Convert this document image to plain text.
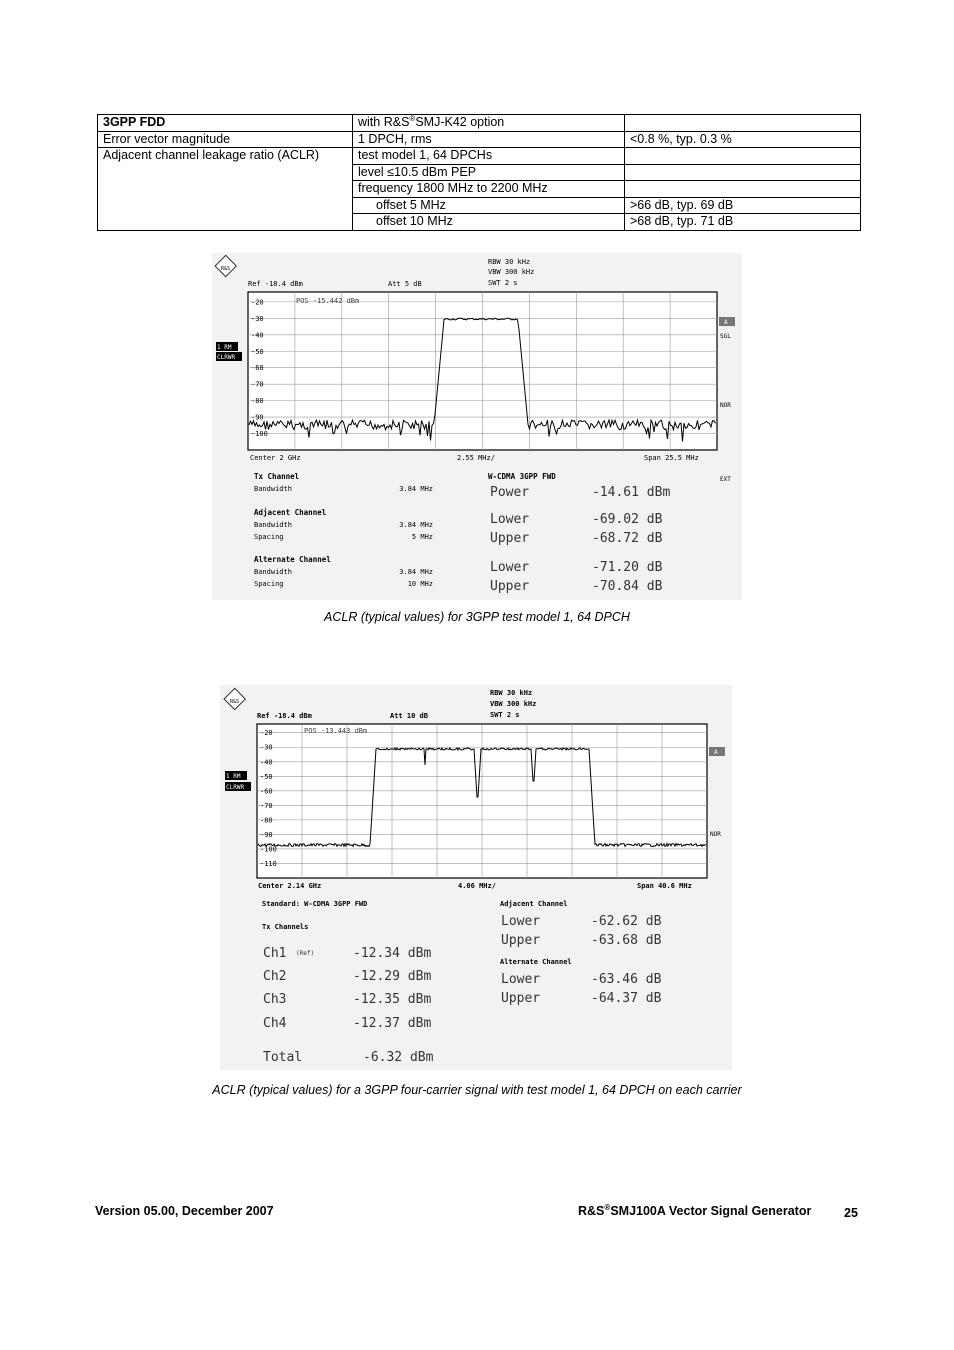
3GPP FDD	with R&S®SMJ-K42 option	
Error vector magnitude	1 DPCH, rms	<0.8 %, typ. 0.3 %
Adjacent channel leakage ratio (ACLR)	test model 1, 64 DPCHs	
	level ≤10.5 dBm PEP	
	frequency 1800 MHz to 2200 MHz	
	offset 5 MHz	>66 dB, typ. 69 dB
	offset 10 MHz	>68 dB, typ. 71 dB
R&S
RBW 30 kHz
VBW 300 kHz
SWT 2 s
Ref -18.4 dBm	Att 5 dB
POS -15.442 dBm
-20
-30
-40
-50
-60
-70
-80
-90
-100
1 RM
CLRWR
A
SGL
NOR
EXT
Center 2 GHz	2.55 MHz/	Span 25.5 MHz
Tx Channel
Bandwidth	3.84 MHz
W-CDMA 3GPP FWD
Power	-14.61 dBm
Adjacent Channel
Bandwidth	3.84 MHz
Spacing	5 MHz
Lower	-69.02 dB
Upper	-68.72 dB
Alternate Channel
Bandwidth	3.84 MHz
Spacing	10 MHz
Lower	-71.20 dB
Upper	-70.84 dB
ACLR (typical values) for 3GPP test model 1, 64 DPCH
R&S
RBW 30 kHz
VBW 300 kHz
SWT 2 s
Ref -18.4 dBm	Att 10 dB
POS -13.443 dBm
-20
-30
-40
-50
-60
-70
-80
-90
-100
-110
1 RM
CLRWR
A
NOR
Center 2.14 GHz	4.06 MHz/	Span 40.6 MHz
Standard: W-CDMA 3GPP FWD
Tx Channels
Ch1 (Ref)	-12.34 dBm
Ch2	-12.29 dBm
Ch3	-12.35 dBm
Ch4	-12.37 dBm
Total	-6.32 dBm
Adjacent Channel
Lower	-62.62 dB
Upper	-63.68 dB
Alternate Channel
Lower	-63.46 dB
Upper	-64.37 dB
ACLR (typical values) for a 3GPP four-carrier signal with test model 1, 64 DPCH on each carrier
Version 05.00, December 2007	R&S®SMJ100A Vector Signal Generator	25
